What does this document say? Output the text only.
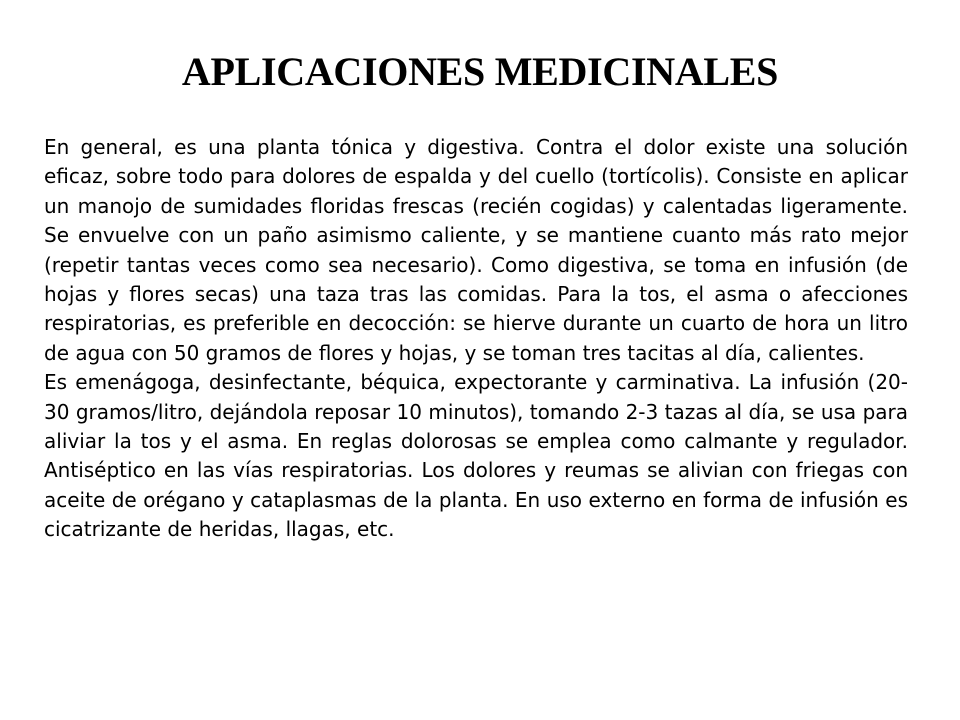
APLICACIONES MEDICINALES

En general, es una planta tónica y digestiva. Contra el dolor existe una solución eficaz, sobre todo para dolores de espalda y del cuello (tortícolis). Consiste en aplicar un manojo de sumidades floridas frescas (recién cogidas) y calentadas ligeramente. Se envuelve con un paño asimismo caliente, y se mantiene cuanto más rato mejor (repetir tantas veces como sea necesario). Como digestiva, se toma en infusión (de hojas y flores secas) una taza tras las comidas. Para la tos, el asma o afecciones respiratorias, es preferible en decocción: se hierve durante un cuarto de hora un litro de agua con 50 gramos de flores y hojas, y se toman tres tacitas al día, calientes.

Es emenágoga, desinfectante, béquica, expectorante y carminativa. La infusión (20-30 gramos/litro, dejándola reposar 10 minutos), tomando 2-3 tazas al día, se usa para aliviar la tos y el asma. En reglas dolorosas se emplea como calmante y regulador. Antiséptico en las vías respiratorias. Los dolores y reumas se alivian con friegas con aceite de orégano y cataplasmas de la planta. En uso externo en forma de infusión es cicatrizante de heridas, llagas, etc.
